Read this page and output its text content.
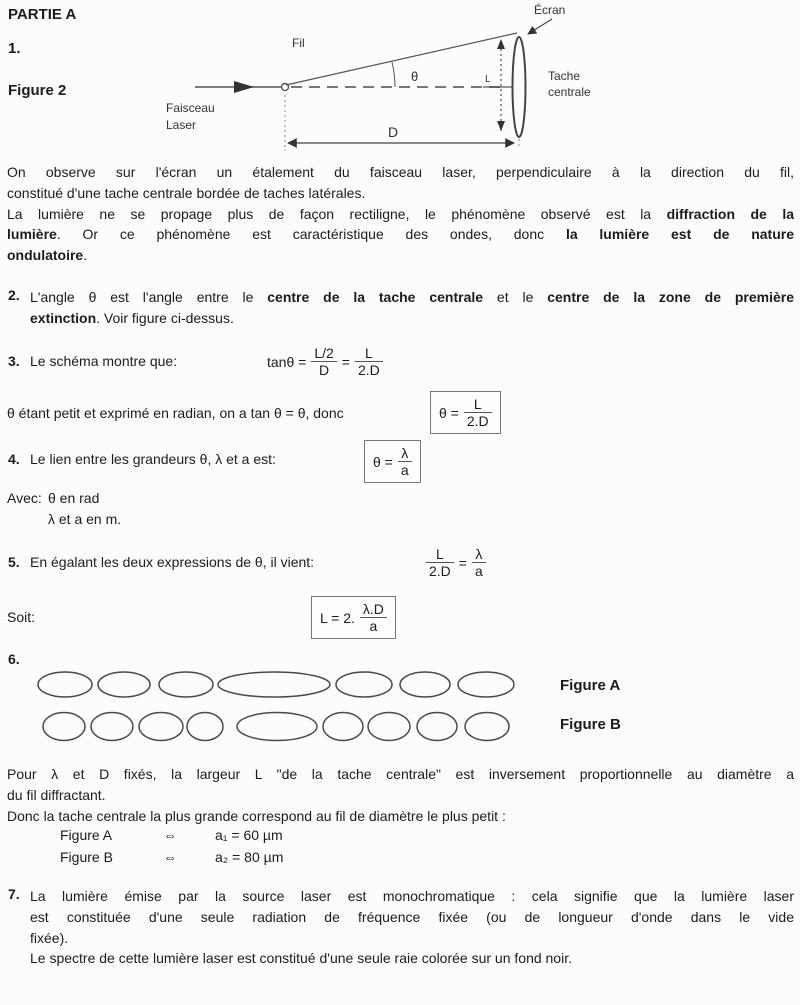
PARTIE A
1.
Figure 2
θ
Écran
L	Tache
centrale
Fil
Faisceau
Laser	D
On observe sur l'écran un étalement du faisceau laser, perpendiculaire à la direction du fil,
constitué d'une tache centrale bordée de taches latérales.
La lumière ne se propage plus de façon rectiligne, le phénomène observé est la diffraction de la
lumière. Or ce phénomène est caractéristique des ondes, donc la lumière est de nature
ondulatoire.
2. L'angle θ est l'angle entre le centre de la tache centrale et le centre de la zone de première
extinction. Voir figure ci-dessus.
3. Le schéma montre que:	$\tan\theta = \frac{L/2}{D} = \frac{L}{2.D}$
θ étant petit et exprimé en radian, on a tan θ = θ, donc	$\theta = \frac{L}{2.D}$
4. Le lien entre les grandeurs θ, λ et a est:	$\theta = \frac{\lambda}{a}$
Avec: θ en rad
λ et a en m.
5. En égalant les deux expressions de θ, il vient:	$\frac{L}{2.D} = \frac{\lambda}{a}$
Soit:	L = 2. $\frac{\lambda.D}{a}$
6.
Figure A
Figure B
Pour λ et D fixés, la largeur L "de la tache centrale" est inversement proportionnelle au diamètre a
du fil diffractant.
Donc la tache centrale la plus grande correspond au fil de diamètre le plus petit :
Figure A	⇔	a₁ = 60 µm
Figure B	⇔	a₂ = 80 µm
7. La lumière émise par la source laser est monochromatique : cela signifie que la lumière laser
est constituée d'une seule radiation de fréquence fixée (ou de longueur d'onde dans le vide
fixée).
Le spectre de cette lumière laser est constitué d'une seule raie colorée sur un fond noir.
